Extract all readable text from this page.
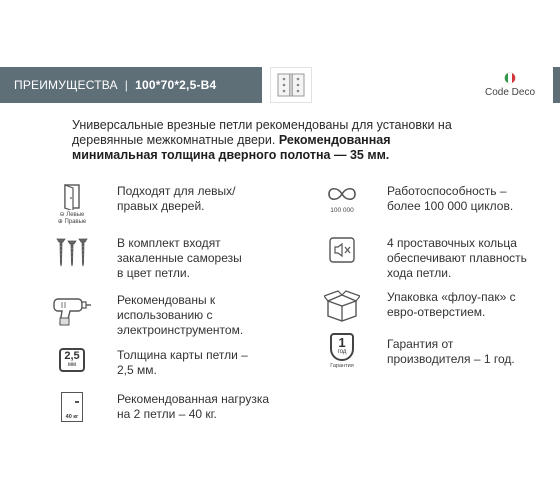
ПРЕИМУЩЕСТВА | 100*70*2,5-В4
Code Deco
Универсальные врезные петли рекомендованы для установки на деревянные межкомнатные двери. Рекомендованная минимальная толщина дверного полотна — 35 мм.
⊖ Левые
⊕ Правые
Подходят для левых/правых дверей.
В комплект входят закаленные саморезы в цвет петли.
Рекомендованы к использованию с электроинструментом.
2,5
мм
Толщина карты петли – 2,5 мм.
40 кг
Рекомендованная нагрузка на 2 петли – 40 кг.
100 000
Работоспособность – более 100 000 циклов.
4 проставочных кольца обеспечивают плавность хода петли.
Упаковка «флоу-пак» с евро-отверстием.
1
год
Гарантия
Гарантия от производителя – 1 год.
